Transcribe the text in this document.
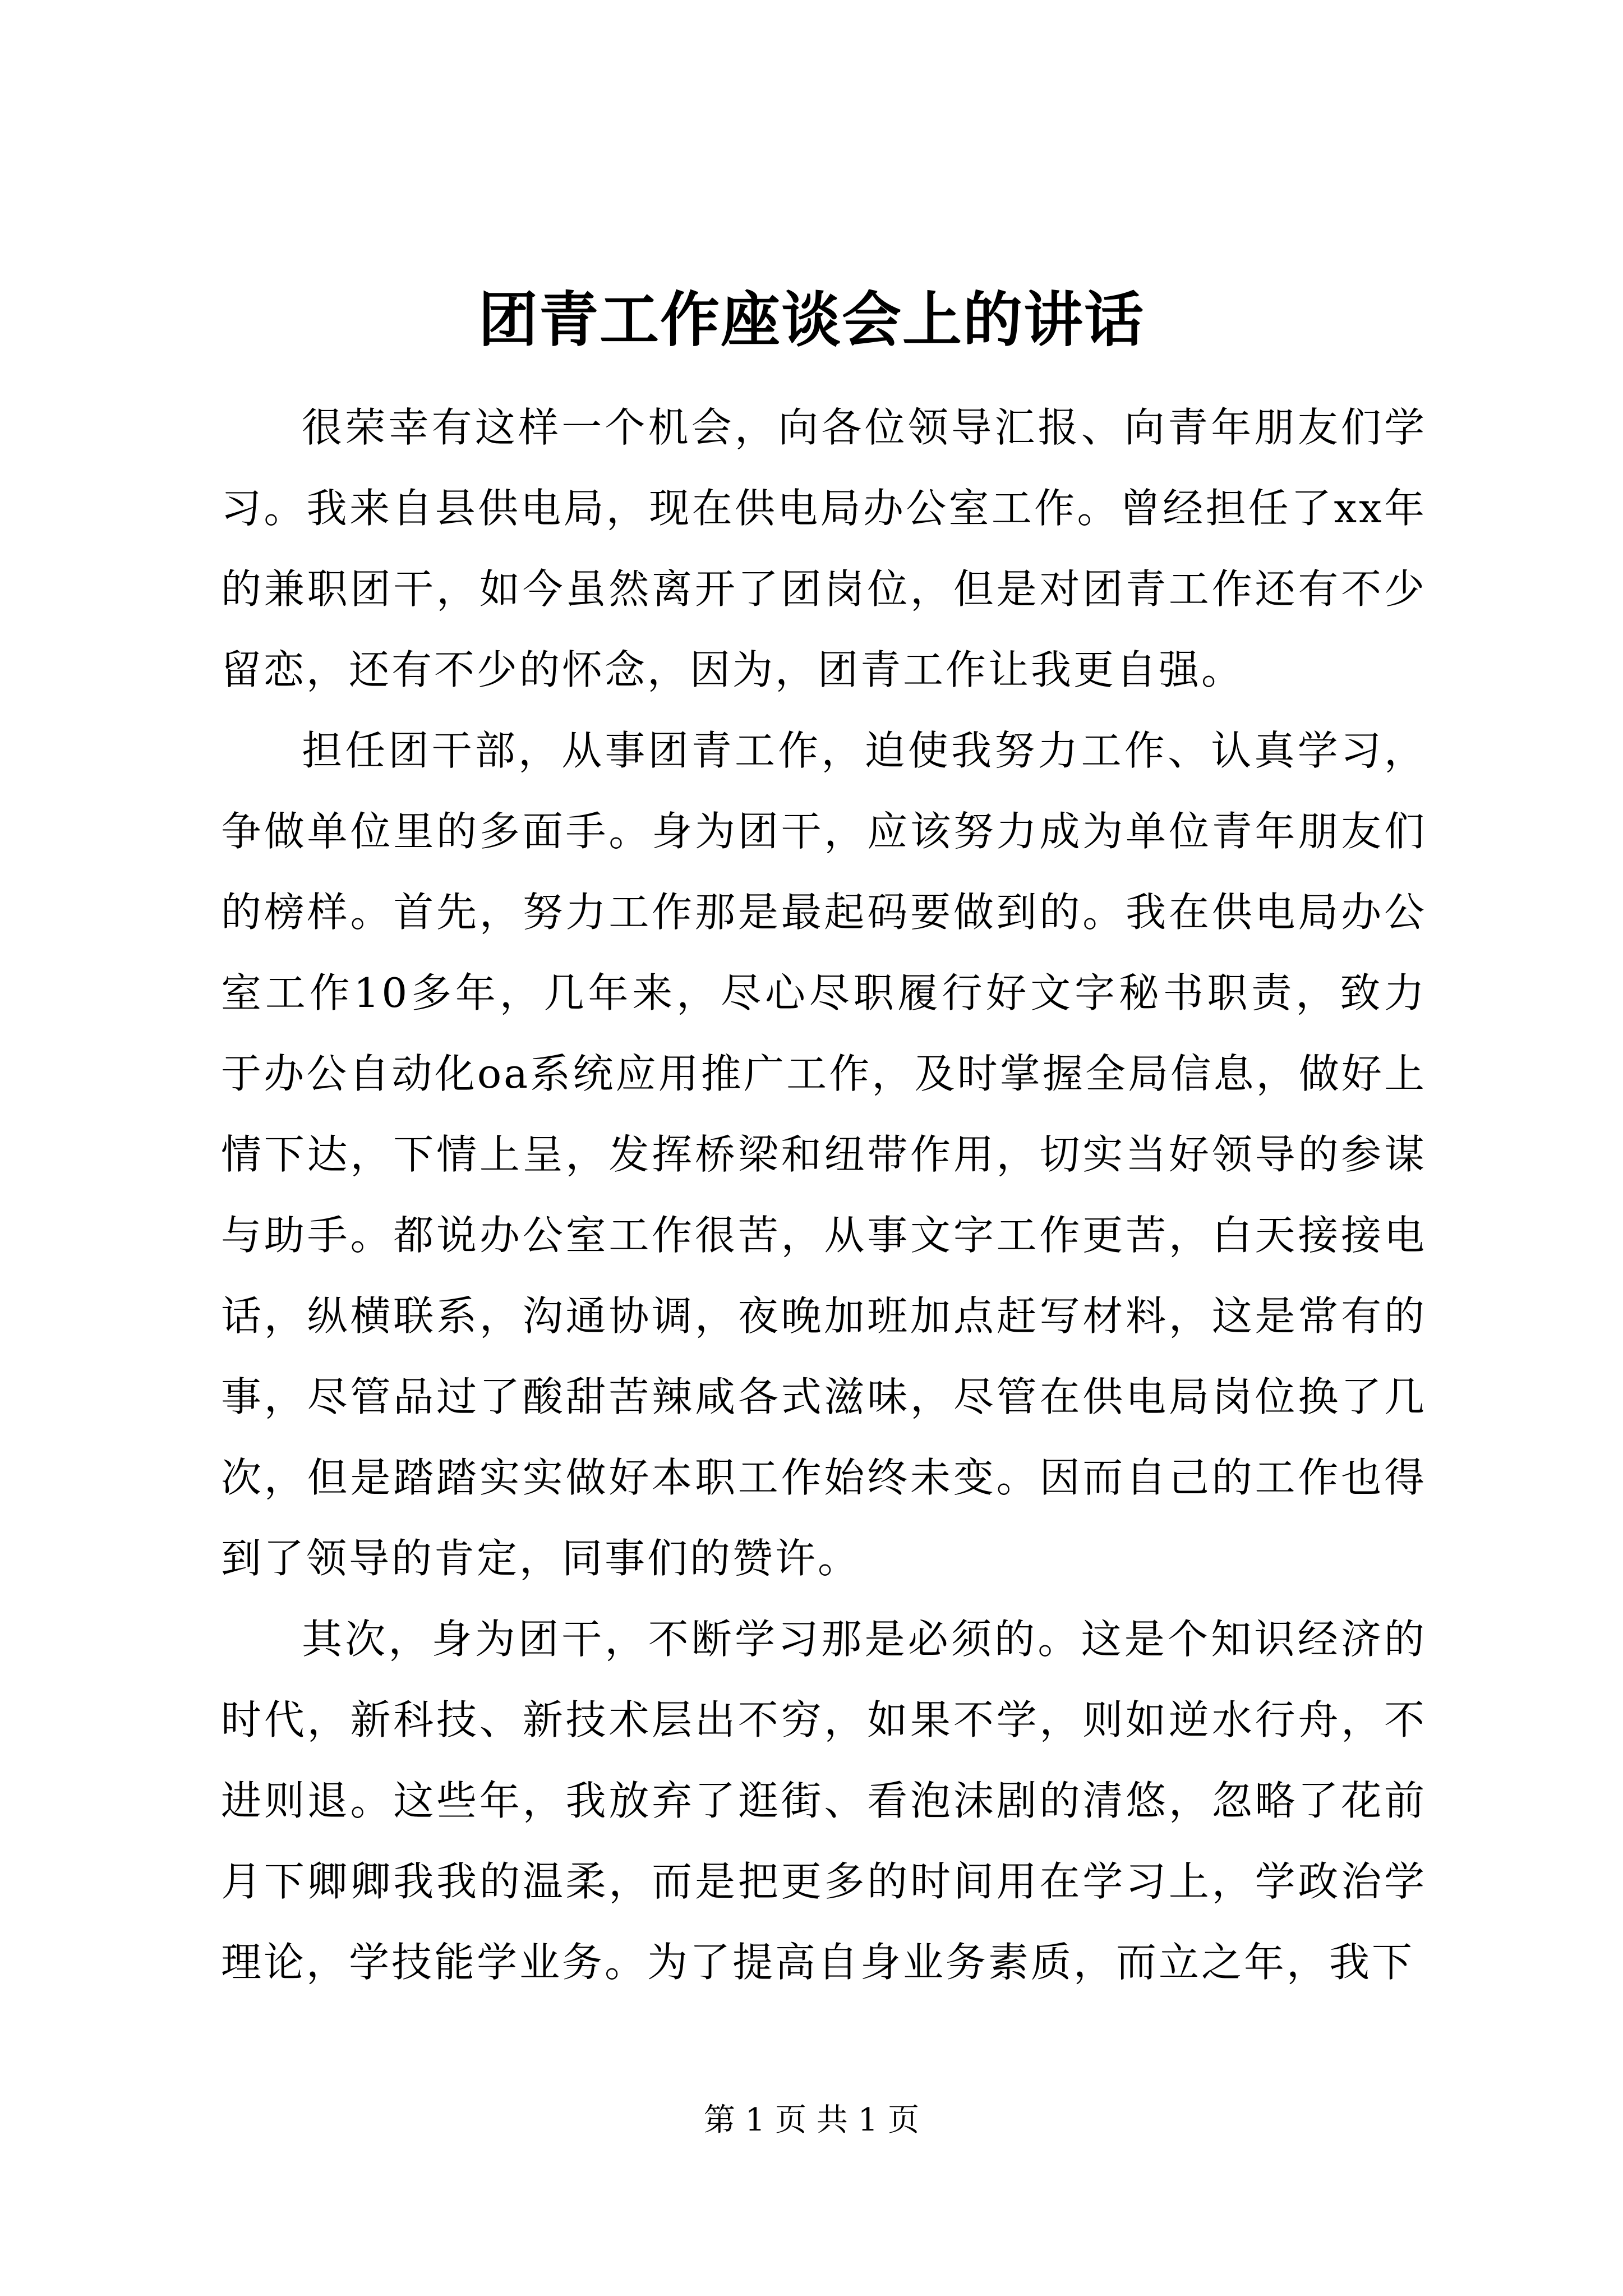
团青工作座谈会上的讲话

很荣幸有这样一个机会，向各位领导汇报、向青年朋友们学习。我来自县供电局，现在供电局办公室工作。曾经担任了xx年的兼职团干，如今虽然离开了团岗位，但是对团青工作还有不少留恋，还有不少的怀念，因为，团青工作让我更自强。

担任团干部，从事团青工作，迫使我努力工作、认真学习，争做单位里的多面手。身为团干，应该努力成为单位青年朋友们的榜样。首先，努力工作那是最起码要做到的。我在供电局办公室工作10多年，几年来，尽心尽职履行好文字秘书职责，致力于办公自动化oa系统应用推广工作，及时掌握全局信息，做好上情下达，下情上呈，发挥桥梁和纽带作用，切实当好领导的参谋与助手。都说办公室工作很苦，从事文字工作更苦，白天接接电话，纵横联系，沟通协调，夜晚加班加点赶写材料，这是常有的事，尽管品过了酸甜苦辣咸各式滋味，尽管在供电局岗位换了几次，但是踏踏实实做好本职工作始终未变。因而自己的工作也得到了领导的肯定，同事们的赞许。

其次，身为团干，不断学习那是必须的。这是个知识经济的时代，新科技、新技术层出不穷，如果不学，则如逆水行舟，不进则退。这些年，我放弃了逛街、看泡沫剧的清悠，忽略了花前月下卿卿我我的温柔，而是把更多的时间用在学习上，学政治学理论，学技能学业务。为了提高自身业务素质，而立之年，我下

第 1 页 共 1 页
